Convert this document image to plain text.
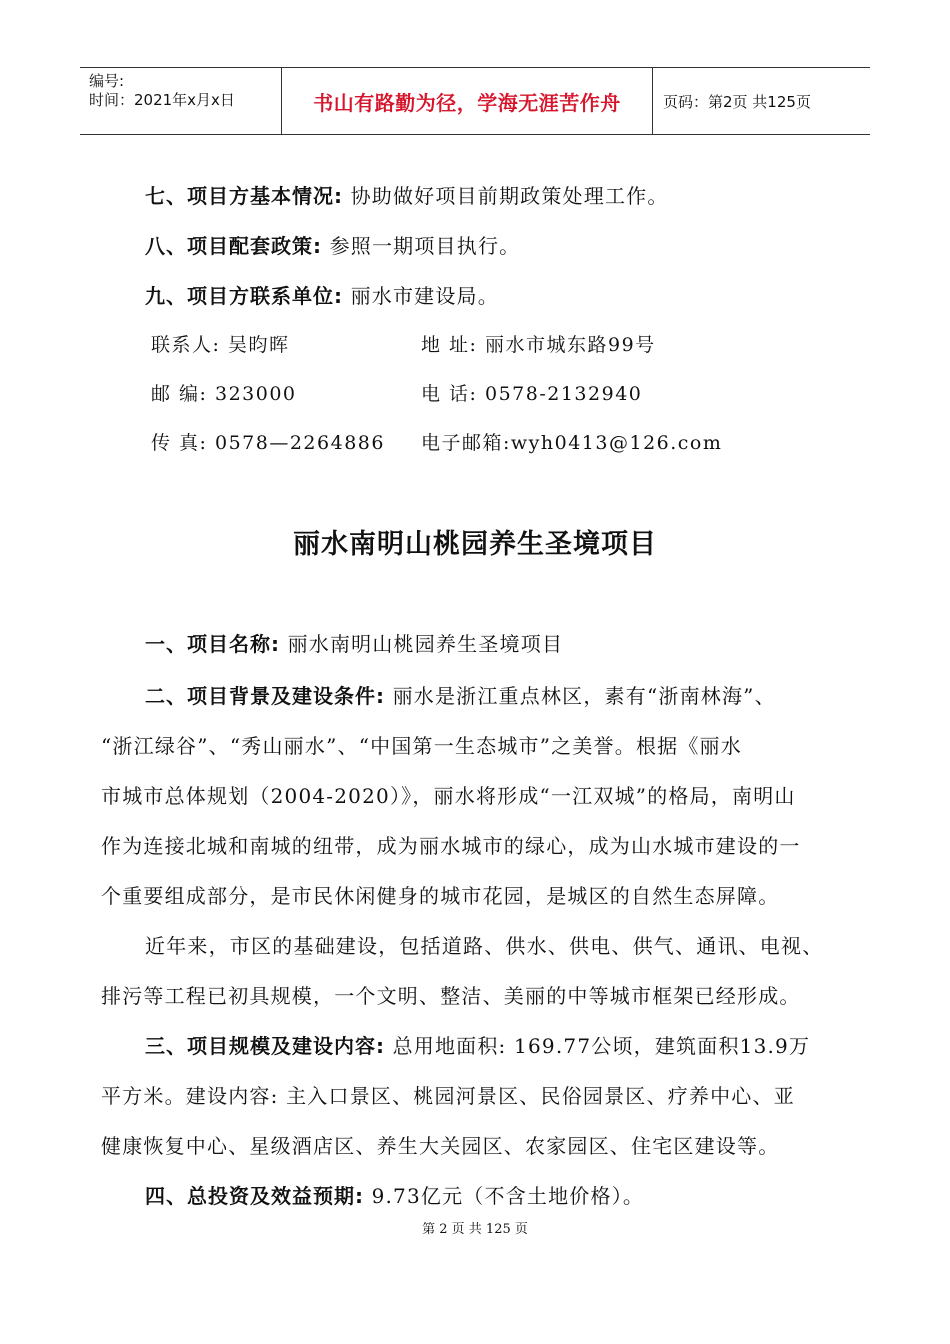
编号:
时间：2021年x月x日	书山有路勤为径，学海无涯苦作舟	页码：第2页 共125页
七、项目方基本情况: 协助做好项目前期政策处理工作。
八、项目配套政策: 参照一期项目执行。
九、项目方联系单位: 丽水市建设局。
联系人: 吴昀晖	地 址: 丽水市城东路99号
邮 编: 323000	电 话: 0578-2132940
传 真: 0578—2264886 电子邮箱:wyh0413@126.com
丽水南明山桃园养生圣境项目
一、项目名称: 丽水南明山桃园养生圣境项目
二、项目背景及建设条件: 丽水是浙江重点林区，素有“浙南林海”、
“浙江绿谷”、“秀山丽水”、“中国第一生态城市”之美誉。根据《丽水
市城市总体规划（2004-2020）》，丽水将形成“一江双城”的格局，南明山
作为连接北城和南城的纽带，成为丽水城市的绿心，成为山水城市建设的一
个重要组成部分，是市民休闲健身的城市花园，是城区的自然生态屏障。
近年来，市区的基础建设，包括道路、供水、供电、供气、通讯、电视、
排污等工程已初具规模，一个文明、整洁、美丽的中等城市框架已经形成。
三、项目规模及建设内容: 总用地面积: 169.77公顷，建筑面积13.9万
平方米。建设内容: 主入口景区、桃园河景区、民俗园景区、疗养中心、亚
健康恢复中心、星级酒店区、养生大关园区、农家园区、住宅区建设等。
四、总投资及效益预期: 9.73亿元（不含土地价格）。
第 2 页 共 125 页
